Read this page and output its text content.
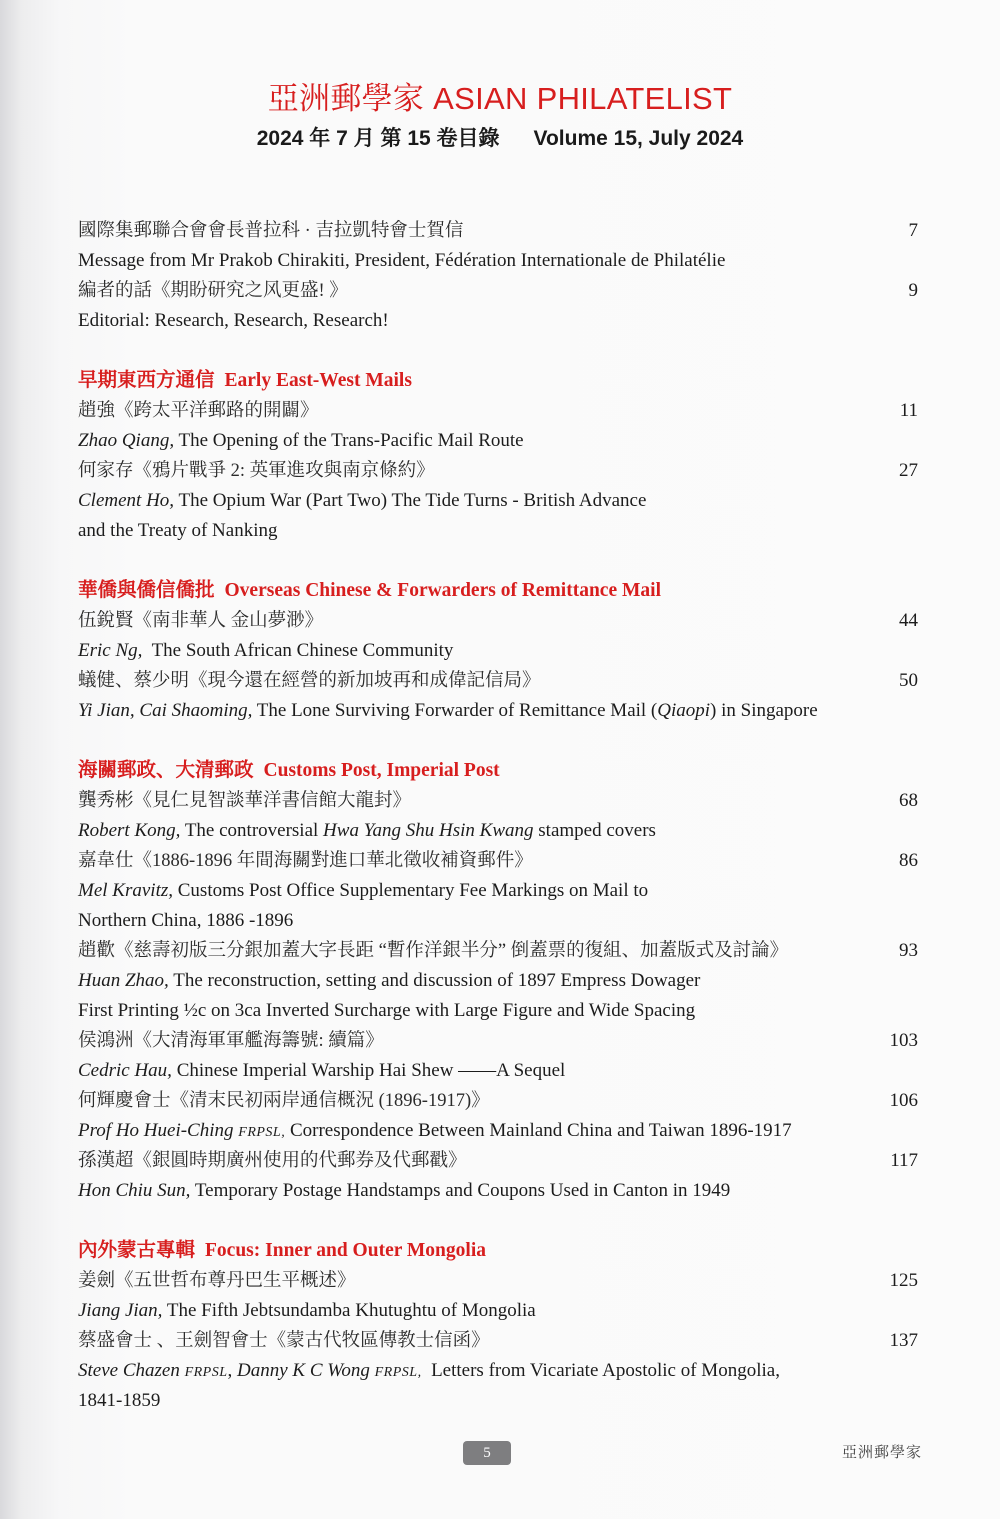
亞洲郵學家 ASIAN PHILATELIST
2024 年 7 月 第 15 卷目錄 Volume 15, July 2024
國際集郵聯合會會長普拉科 · 吉拉凱特會士賀信	7
Message from Mr Prakob Chirakiti, President, Fédération Internationale de Philatélie
編者的話《期盼研究之风更盛! 》	9
Editorial: Research, Research, Research!
早期東西方通信 Early East-West Mails
趙強《跨太平洋郵路的開闢》	11
Zhao Qiang, The Opening of the Trans-Pacific Mail Route
何家存《鴉片戰爭 2: 英軍進攻與南京條約》	27
Clement Ho, The Opium War (Part Two) The Tide Turns - British Advance
and the Treaty of Nanking
華僑與僑信僑批 Overseas Chinese & Forwarders of Remittance Mail
伍銳賢《南非華人 金山夢渺》	44
Eric Ng, The South African Chinese Community
蟻健、蔡少明《現今還在經營的新加坡再和成偉記信局》	50
Yi Jian, Cai Shaoming, The Lone Surviving Forwarder of Remittance Mail (Qiaopi) in Singapore
海關郵政、大清郵政 Customs Post, Imperial Post
龔秀彬《見仁見智談華洋書信館大龍封》	68
Robert Kong, The controversial Hwa Yang Shu Hsin Kwang stamped covers
嘉韋仕《1886-1896 年間海關對進口華北徵收補資郵件》	86
Mel Kravitz, Customs Post Office Supplementary Fee Markings on Mail to
Northern China, 1886 -1896
趙歡《慈壽初版三分銀加蓋大字長距 “暫作洋銀半分” 倒蓋票的復組、加蓋版式及討論》	93
Huan Zhao, The reconstruction, setting and discussion of 1897 Empress Dowager
First Printing ½c on 3ca Inverted Surcharge with Large Figure and Wide Spacing
侯鴻洲《大清海軍軍艦海籌號: 續篇》	103
Cedric Hau, Chinese Imperial Warship Hai Shew ——A Sequel
何輝慶會士《清末民初兩岸通信概況 (1896-1917)》	106
Prof Ho Huei-Ching FRPSL, Correspondence Between Mainland China and Taiwan 1896-1917
孫漢超《銀圓時期廣州使用的代郵券及代郵戳》	117
Hon Chiu Sun, Temporary Postage Handstamps and Coupons Used in Canton in 1949
內外蒙古專輯 Focus: Inner and Outer Mongolia
姜劍《五世哲布尊丹巴生平概述》	125
Jiang Jian, The Fifth Jebtsundamba Khutughtu of Mongolia
蔡盛會士 、王劍智會士《蒙古代牧區傳教士信函》	137
Steve Chazen FRPSL, Danny K C Wong FRPSL, Letters from Vicariate Apostolic of Mongolia,
1841-1859
5	亞洲郵學家
